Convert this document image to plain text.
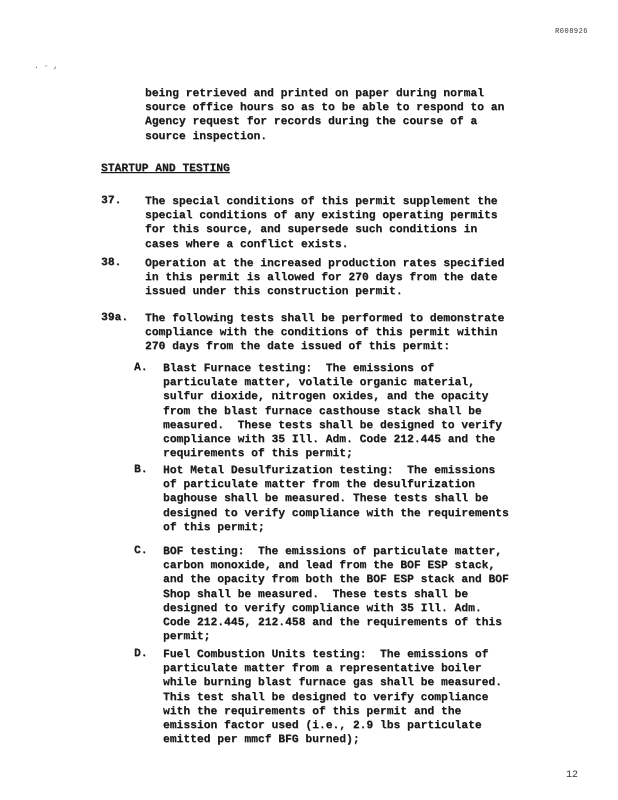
R008926
. · ,
being retrieved and printed on paper during normal
source office hours so as to be able to respond to an
Agency request for records during the course of a
source inspection.
STARTUP AND TESTING
37. The special conditions of this permit supplement the
special conditions of any existing operating permits
for this source, and supersede such conditions in
cases where a conflict exists.
38. Operation at the increased production rates specified
in this permit is allowed for 270 days from the date
issued under this construction permit.
39a. The following tests shall be performed to demonstrate
compliance with the conditions of this permit within
270 days from the date issued of this permit:
A. Blast Furnace testing:  The emissions of
particulate matter, volatile organic material,
sulfur dioxide, nitrogen oxides, and the opacity
from the blast furnace casthouse stack shall be
measured.  These tests shall be designed to verify
compliance with 35 Ill. Adm. Code 212.445 and the
requirements of this permit;
B. Hot Metal Desulfurization testing:  The emissions
of particulate matter from the desulfurization
baghouse shall be measured. These tests shall be
designed to verify compliance with the requirements
of this permit;
C. BOF testing:  The emissions of particulate matter,
carbon monoxide, and lead from the BOF ESP stack,
and the opacity from both the BOF ESP stack and BOF
Shop shall be measured.  These tests shall be
designed to verify compliance with 35 Ill. Adm.
Code 212.445, 212.458 and the requirements of this
permit;
D. Fuel Combustion Units testing:  The emissions of
particulate matter from a representative boiler
while burning blast furnace gas shall be measured.
This test shall be designed to verify compliance
with the requirements of this permit and the
emission factor used (i.e., 2.9 lbs particulate
emitted per mmcf BFG burned);
12
